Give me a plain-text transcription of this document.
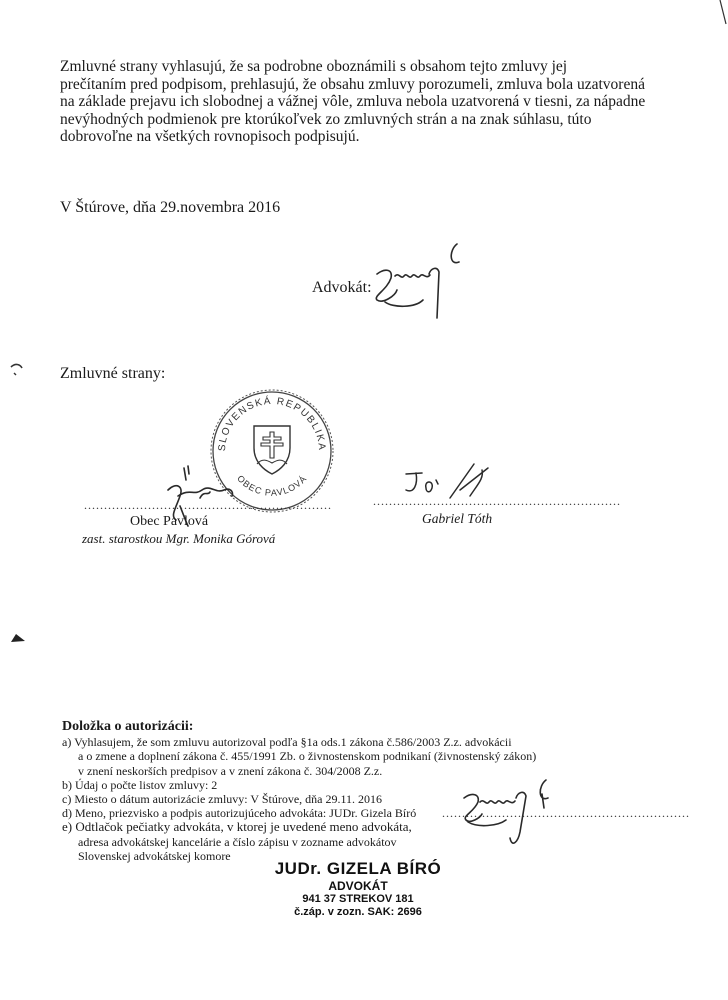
Zmluvné strany vyhlasujú, že sa podrobne oboznámili s obsahom tejto zmluvy jej
prečítaním pred podpisom, prehlasujú, že obsahu zmluvy porozumeli, zmluva bola uzatvorená
na základe prejavu ich slobodnej a vážnej vôle, zmluva nebola uzatvorená v tiesni, za nápadne
nevýhodných podmienok pre ktorúkoľvek zo zmluvných strán a na znak súhlasu, túto
dobrovoľne na všetkých rovnopisoch podpisujú.
V Štúrove, dňa 29.novembra 2016
Advokát:
Zmluvné strany:
SLOVENSKÁ REPUBLIKA
OBEC PAVLOVÁ
..............................................................
Obec Pavlová
zast. starostkou Mgr. Monika Górová
..............................................................
Gabriel Tóth
Doložka o autorizácii:
a) Vyhlasujem, že som zmluvu autorizoval podľa §1a ods.1 zákona č.586/2003 Z.z. advokácii
a o zmene a doplnení zákona č. 455/1991 Zb. o živnostenskom podnikaní (živnostenský zákon)
v znení neskorších predpisov a v znení zákona č. 304/2008 Z.z.
b) Údaj o počte listov zmluvy: 2
c) Miesto o dátum autorizácie zmluvy: V Štúrove, dňa 29.11. 2016
d) Meno, priezvisko a podpis autorizujúceho advokáta: JUDr. Gizela Bíró
e) Odtlačok pečiatky advokáta, v ktorej je uvedené meno advokáta,
adresa advokátskej kancelárie a číslo zápisu v zozname advokátov
Slovenskej advokátskej komore
..............................................................
JUDr. GIZELA BÍRÓ
ADVOKÁT
941 37 STREKOV 181
č.záp. v zozn. SAK: 2696
